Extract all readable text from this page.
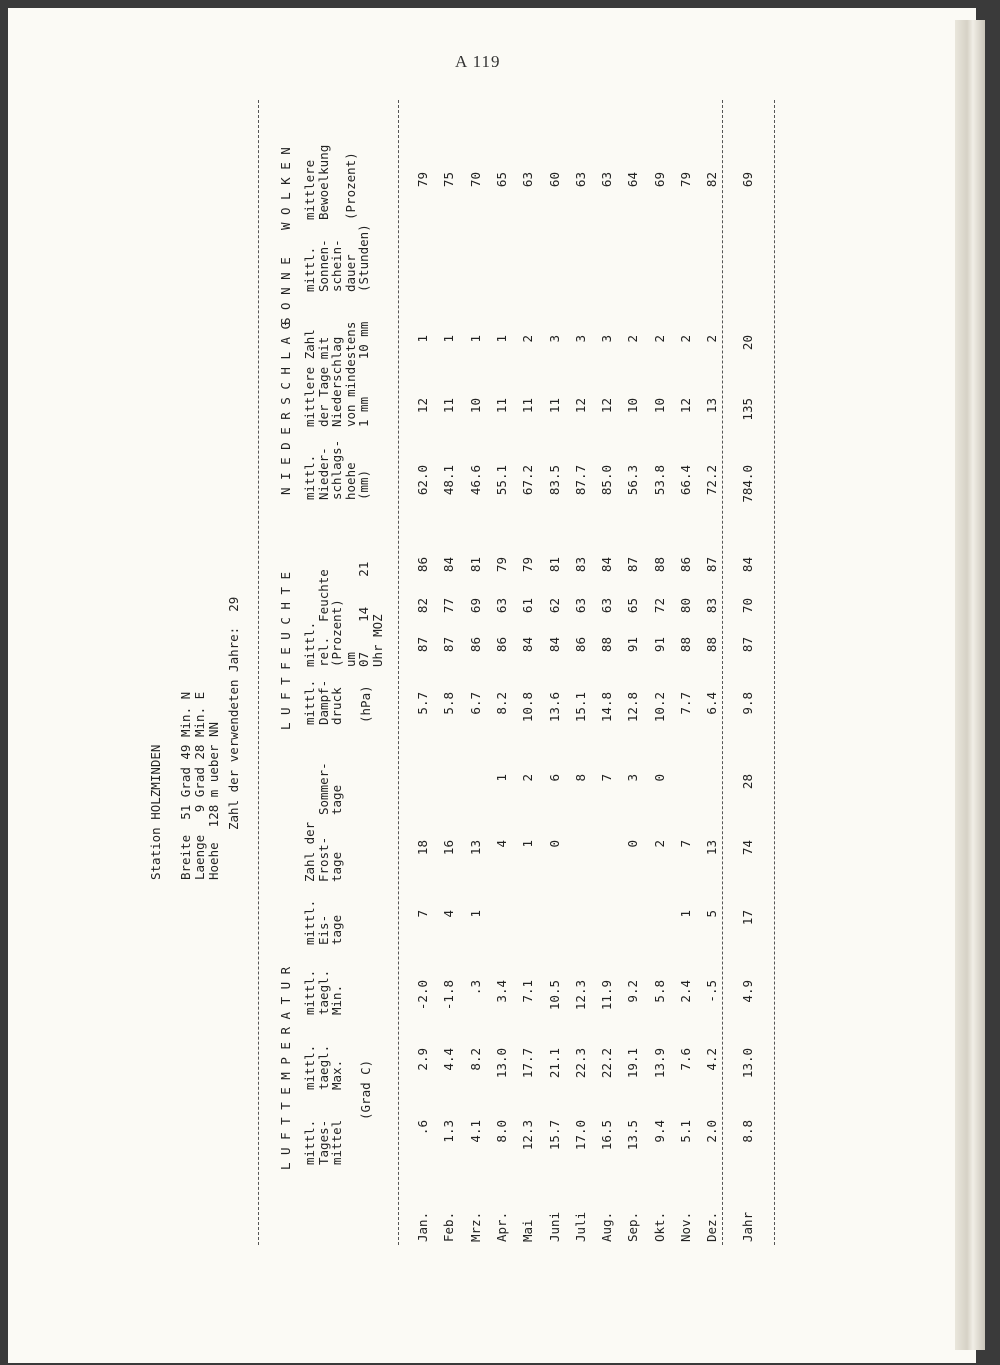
A 119
Station HOLZMINDEN Breite  51 Grad 49 Min. N Laenge   9 Grad 28 Min. E Hoehe  128 m ueber NN Zahl der verwendeten Jahre:  29
L U F T T E M P E R A T U R
L U F T F E U C H T E
N I E D E R S C H L A G
S O N N E
W O L K E N
mittl.
Tages-
mittel
mittl.
taegl.
Max.
mittl.
taegl.
Min.
mittl.
Eis-
tage
Zahl der
Frost-
tage
Sommer-
tage
mittl.
Dampf-
druck
mittl.
rel.  Feuchte
(Prozent)
um
07    14    21
Uhr MOZ
mittl.
Nieder-
schlags-
hoehe
(mm)
mittlere Zahl
der Tage mit
Niederschlag
von mindestens
1 mm     10 mm
mittl.
Sonnen-
schein-
dauer
(Stunden)
mittlere
Bewoelkung (Prozent)
(Grad C)
(hPa)
Jan.
.6
2.9
-2.0
7
18
5.7
87
82
86
62.0
12
1
79
Feb.
1.3
4.4
-1.8
4
16
5.8
87
77
84
48.1
11
1
75
Mrz.
4.1
8.2
.3
1
13
6.7
86
69
81
46.6
10
1
70
Apr.
8.0
13.0
3.4
4
1
8.2
86
63
79
55.1
11
1
65
Mai
12.3
17.7
7.1
1
2
10.8
84
61
79
67.2
11
2
63
Juni
15.7
21.1
10.5
0
6
13.6
84
62
81
83.5
11
3
60
Juli
17.0
22.3
12.3
8
15.1
86
63
83
87.7
12
3
63
Aug.
16.5
22.2
11.9
7
14.8
88
63
84
85.0
12
3
63
Sep.
13.5
19.1
9.2
0
3
12.8
91
65
87
56.3
10
2
64
Okt.
9.4
13.9
5.8
2
0
10.2
91
72
88
53.8
10
2
69
Nov.
5.1
7.6
2.4
1
7
7.7
88
80
86
66.4
12
2
79
Dez.
2.0
4.2
-.5
5
13
6.4
88
83
87
72.2
13
2
82
Jahr
8.8
13.0
4.9
17
74
28
9.8
87
70
84
784.0
135
20
69
